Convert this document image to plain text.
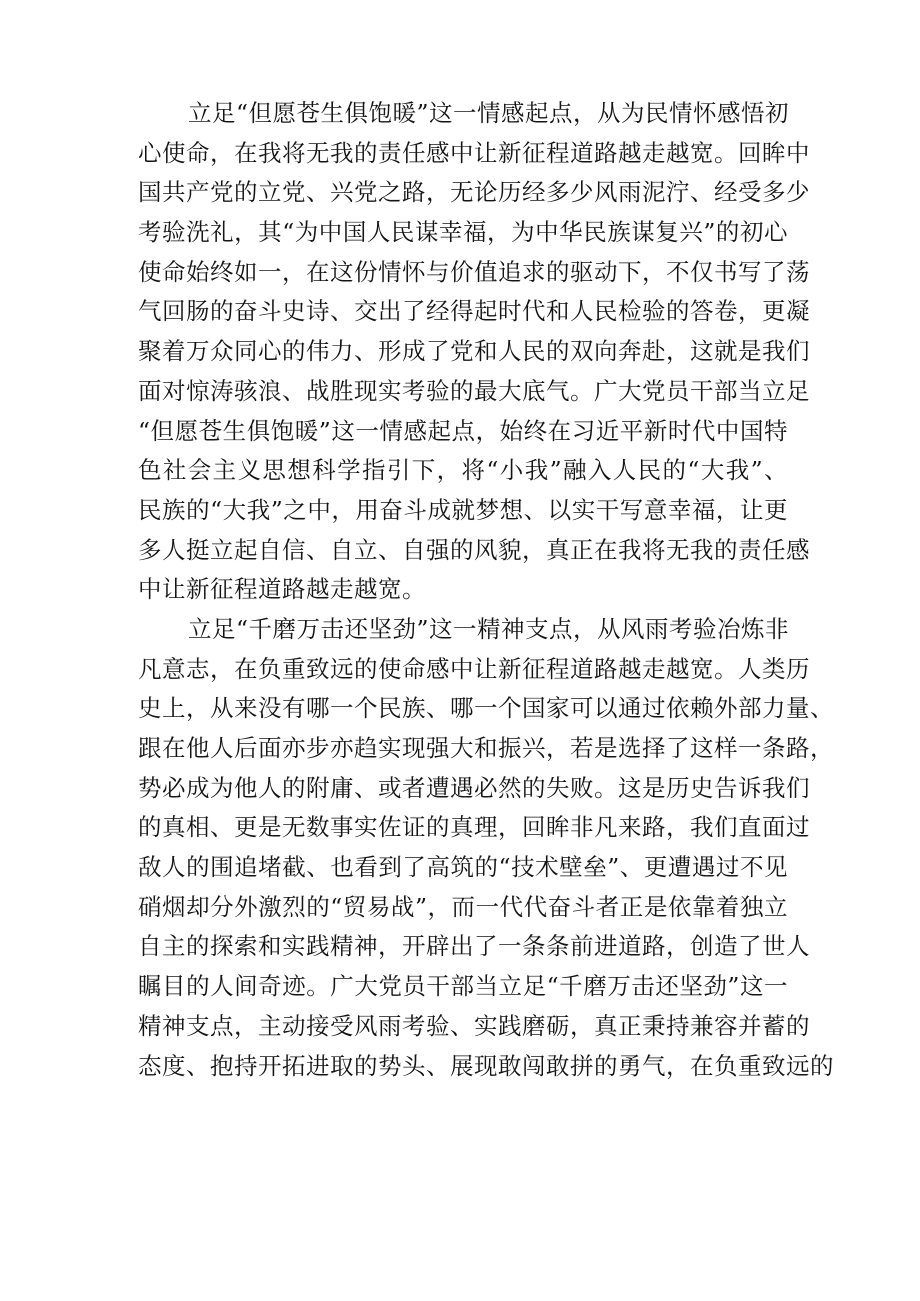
立足“但愿苍生俱饱暖”这一情感起点，从为民情怀感悟初
心使命，在我将无我的责任感中让新征程道路越走越宽。回眸中
国共产党的立党、兴党之路，无论历经多少风雨泥泞、经受多少
考验洗礼，其“为中国人民谋幸福，为中华民族谋复兴”的初心
使命始终如一，在这份情怀与价值追求的驱动下，不仅书写了荡
气回肠的奋斗史诗、交出了经得起时代和人民检验的答卷，更凝
聚着万众同心的伟力、形成了党和人民的双向奔赴，这就是我们
面对惊涛骇浪、战胜现实考验的最大底气。广大党员干部当立足
“但愿苍生俱饱暖”这一情感起点，始终在习近平新时代中国特
色社会主义思想科学指引下，将“小我”融入人民的“大我”、
民族的“大我”之中，用奋斗成就梦想、以实干写意幸福，让更
多人挺立起自信、自立、自强的风貌，真正在我将无我的责任感
中让新征程道路越走越宽。
立足“千磨万击还坚劲”这一精神支点，从风雨考验冶炼非
凡意志，在负重致远的使命感中让新征程道路越走越宽。人类历
史上，从来没有哪一个民族、哪一个国家可以通过依赖外部力量、
跟在他人后面亦步亦趋实现强大和振兴，若是选择了这样一条路，
势必成为他人的附庸、或者遭遇必然的失败。这是历史告诉我们
的真相、更是无数事实佐证的真理，回眸非凡来路，我们直面过
敌人的围追堵截、也看到了高筑的“技术壁垒”、更遭遇过不见
硝烟却分外激烈的“贸易战”，而一代代奋斗者正是依靠着独立
自主的探索和实践精神，开辟出了一条条前进道路，创造了世人
瞩目的人间奇迹。广大党员干部当立足“千磨万击还坚劲”这一
精神支点，主动接受风雨考验、实践磨砺，真正秉持兼容并蓄的
态度、抱持开拓进取的势头、展现敢闯敢拼的勇气，在负重致远的
